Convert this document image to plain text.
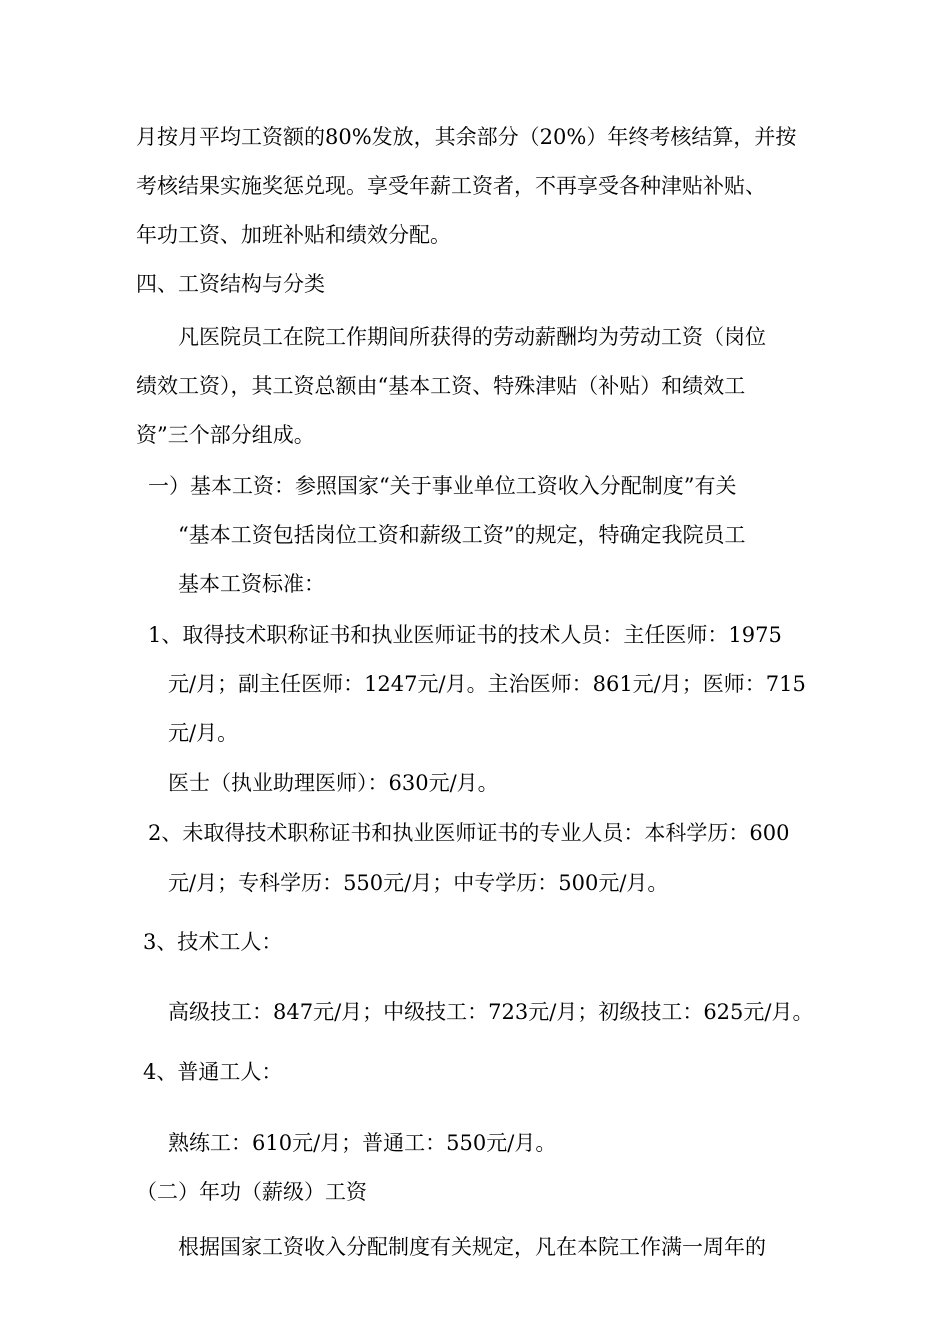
月按月平均工资额的80%发放，其余部分（20%）年终考核结算，并按
考核结果实施奖惩兑现。享受年薪工资者，不再享受各种津贴补贴、
年功工资、加班补贴和绩效分配。
四、工资结构与分类
凡医院员工在院工作期间所获得的劳动薪酬均为劳动工资（岗位
绩效工资），其工资总额由“基本工资、特殊津贴（补贴）和绩效工
资”三个部分组成。
一）基本工资：参照国家“关于事业单位工资收入分配制度”有关
“基本工资包括岗位工资和薪级工资”的规定，特确定我院员工
基本工资标准：
1、取得技术职称证书和执业医师证书的技术人员：主任医师：1975
元/月；副主任医师：1247元/月。主治医师：861元/月；医师：715
元/月。
医士（执业助理医师）：630元/月。
2、未取得技术职称证书和执业医师证书的专业人员：本科学历：600
元/月；专科学历：550元/月；中专学历：500元/月。
3、技术工人：
高级技工：847元/月；中级技工：723元/月；初级技工：625元/月。
4、普通工人：
熟练工：610元/月；普通工：550元/月。
（二）年功（薪级）工资
根据国家工资收入分配制度有关规定，凡在本院工作满一周年的
